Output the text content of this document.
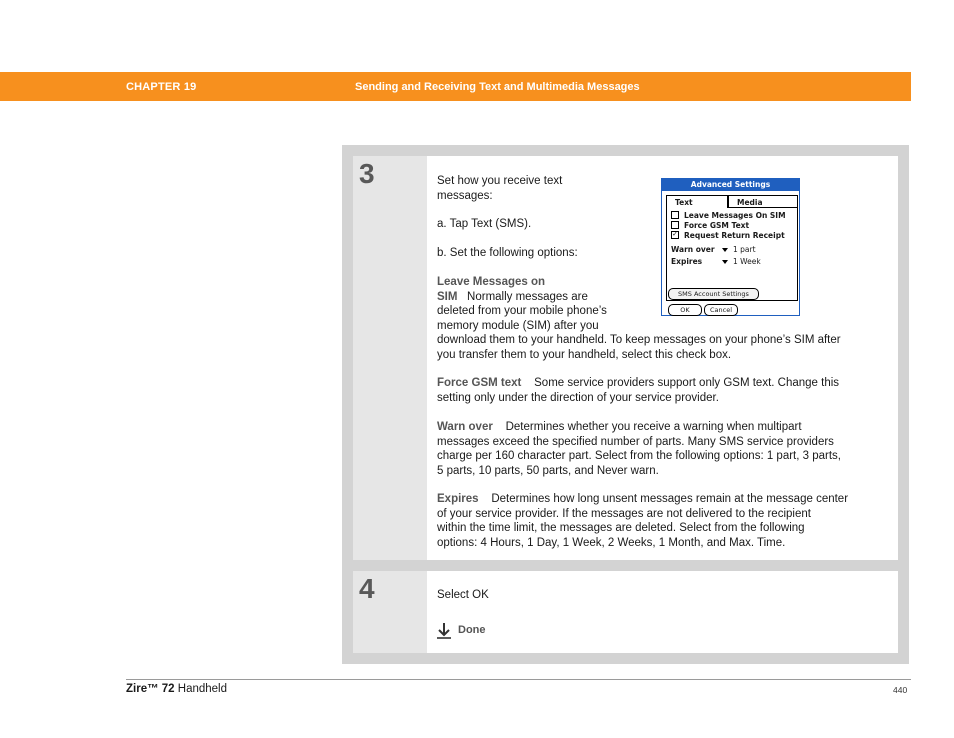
CHAPTER 19	Sending and Receiving Text and Multimedia Messages
3	Set how you receive text
messages:
a. Tap Text (SMS).
b. Set the following options:
Leave Messages on
SIM Normally messages are
deleted from your mobile phone’s
memory module (SIM) after you
download them to your handheld. To keep messages on your phone’s SIM after
you transfer them to your handheld, select this check box.
Force GSM text Some service providers support only GSM text. Change this
setting only under the direction of your service provider.
Warn over Determines whether you receive a warning when multipart
messages exceed the specified number of parts. Many SMS service providers
charge per 160 character part. Select from the following options: 1 part, 3 parts,
5 parts, 10 parts, 50 parts, and Never warn.
Expires Determines how long unsent messages remain at the message center
of your service provider. If the messages are not delivered to the recipient
within the time limit, the messages are deleted. Select from the following
options: 4 Hours, 1 Day, 1 Week, 2 Weeks, 1 Month, and Max. Time.
Advanced Settings
Text	Media
Leave Messages On SIM
Force GSM Text
✓ Request Return Receipt
Warn over	1 part
Expires	1 Week
SMS Account Settings
OK	Cancel
4	Select OK
Done
Zire™ 72 Handheld	440
